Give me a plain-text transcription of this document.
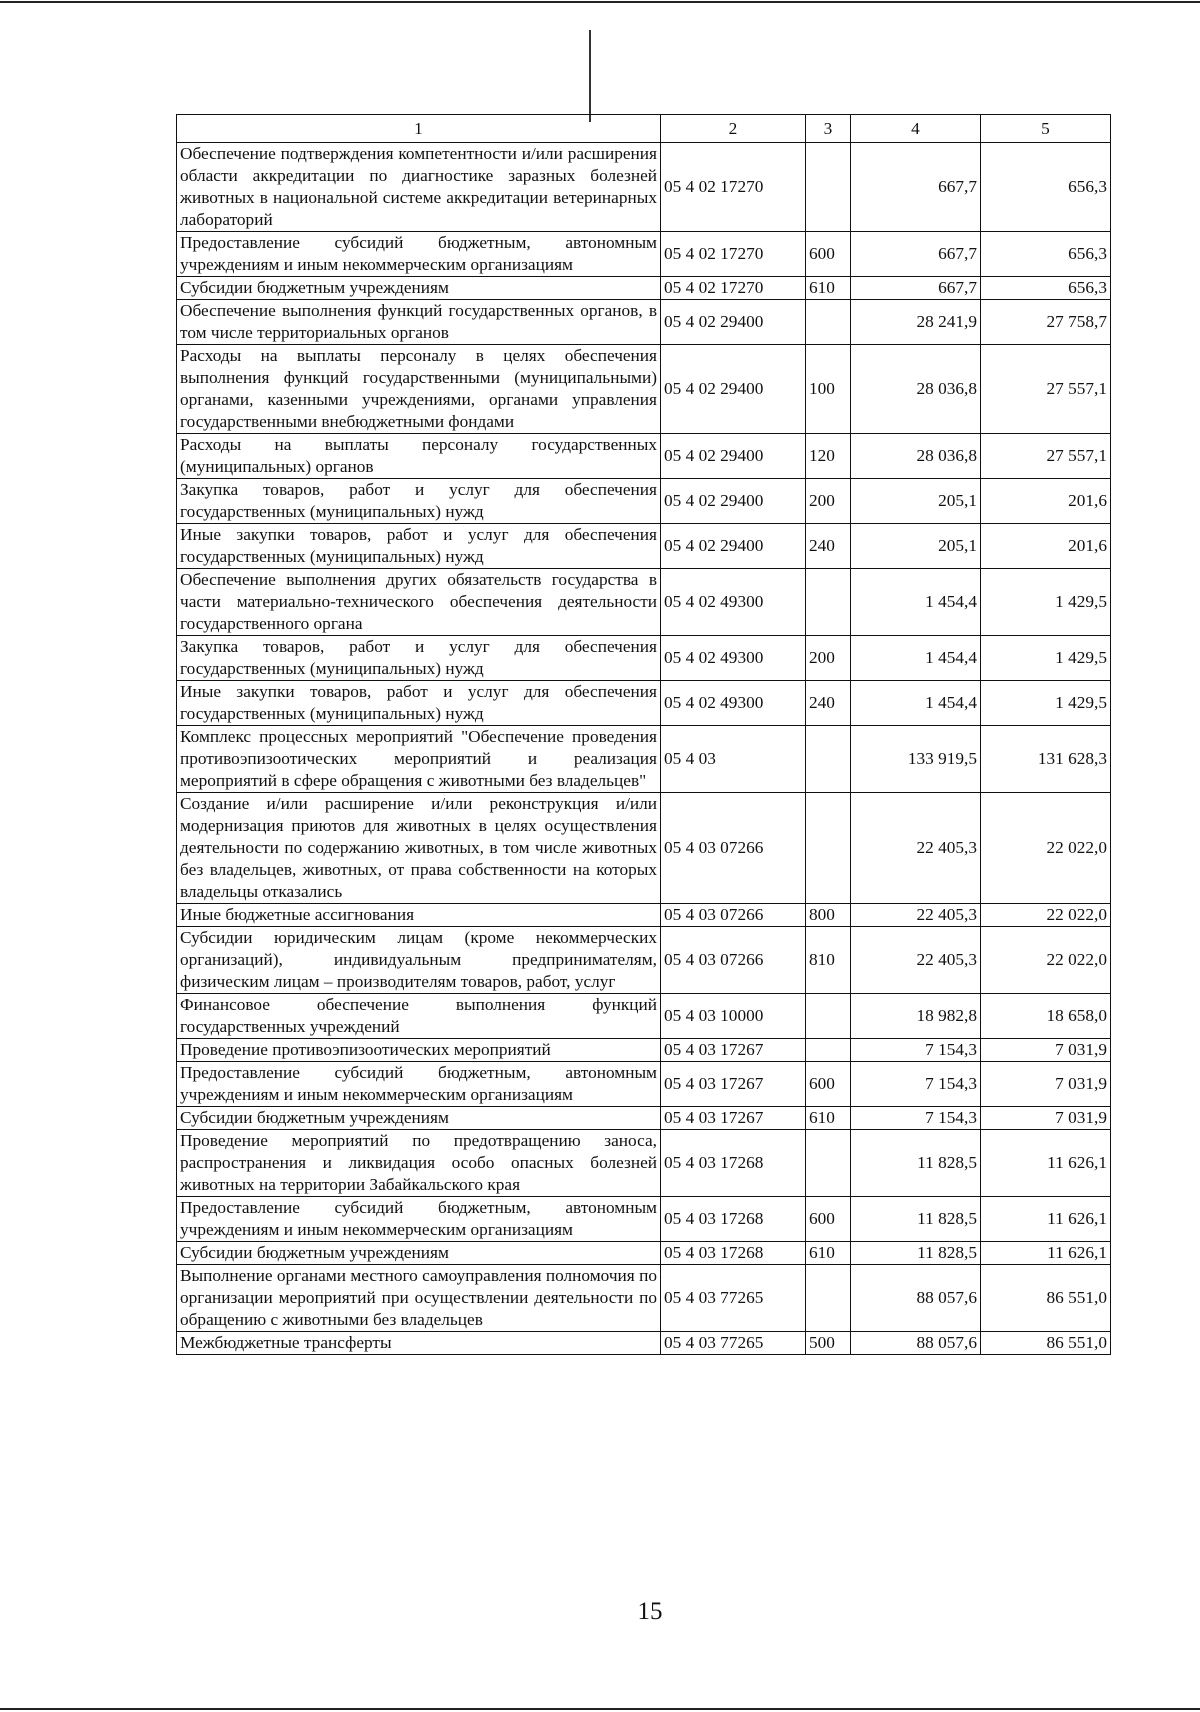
1	2	3	4	5
Обеспечение подтверждения компетентности и/или расширения области аккредитации по диагностике заразных болезней животных в национальной системе аккредитации ветеринарных лабораторий	05 4 02 17270		667,7	656,3
Предоставление субсидий бюджетным, автономным учреждениям и иным некоммерческим организациям	05 4 02 17270	600	667,7	656,3
Субсидии бюджетным учреждениям	05 4 02 17270	610	667,7	656,3
Обеспечение выполнения функций государственных органов, в том числе территориальных органов	05 4 02 29400		28 241,9	27 758,7
Расходы на выплаты персоналу в целях обеспечения выполнения функций государственными (муниципальными) органами, казенными учреждениями, органами управления государственными внебюджетными фондами	05 4 02 29400	100	28 036,8	27 557,1
Расходы на выплаты персоналу государственных (муниципальных) органов	05 4 02 29400	120	28 036,8	27 557,1
Закупка товаров, работ и услуг для обеспечения государственных (муниципальных) нужд	05 4 02 29400	200	205,1	201,6
Иные закупки товаров, работ и услуг для обеспечения государственных (муниципальных) нужд	05 4 02 29400	240	205,1	201,6
Обеспечение выполнения других обязательств государства в части материально-технического обеспечения деятельности государственного органа	05 4 02 49300		1 454,4	1 429,5
Закупка товаров, работ и услуг для обеспечения государственных (муниципальных) нужд	05 4 02 49300	200	1 454,4	1 429,5
Иные закупки товаров, работ и услуг для обеспечения государственных (муниципальных) нужд	05 4 02 49300	240	1 454,4	1 429,5
Комплекс процессных мероприятий "Обеспечение проведения противоэпизоотических мероприятий и реализация мероприятий в сфере обращения с животными без владельцев"	05 4 03		133 919,5	131 628,3
Создание и/или расширение и/или реконструкция и/или модернизация приютов для животных в целях осуществления деятельности по содержанию животных, в том числе животных без владельцев, животных, от права собственности на которых владельцы отказались	05 4 03 07266		22 405,3	22 022,0
Иные бюджетные ассигнования	05 4 03 07266	800	22 405,3	22 022,0
Субсидии юридическим лицам (кроме некоммерческих организаций), индивидуальным предпринимателям, физическим лицам – производителям товаров, работ, услуг	05 4 03 07266	810	22 405,3	22 022,0
Финансовое обеспечение выполнения функций государственных учреждений	05 4 03 10000		18 982,8	18 658,0
Проведение противоэпизоотических мероприятий	05 4 03 17267		7 154,3	7 031,9
Предоставление субсидий бюджетным, автономным учреждениям и иным некоммерческим организациям	05 4 03 17267	600	7 154,3	7 031,9
Субсидии бюджетным учреждениям	05 4 03 17267	610	7 154,3	7 031,9
Проведение мероприятий по предотвращению заноса, распространения и ликвидация особо опасных болезней животных на территории Забайкальского края	05 4 03 17268		11 828,5	11 626,1
Предоставление субсидий бюджетным, автономным учреждениям и иным некоммерческим организациям	05 4 03 17268	600	11 828,5	11 626,1
Субсидии бюджетным учреждениям	05 4 03 17268	610	11 828,5	11 626,1
Выполнение органами местного самоуправления полномочия по организации мероприятий при осуществлении деятельности по обращению с животными без владельцев	05 4 03 77265		88 057,6	86 551,0
Межбюджетные трансферты	05 4 03 77265	500	88 057,6	86 551,0
15
